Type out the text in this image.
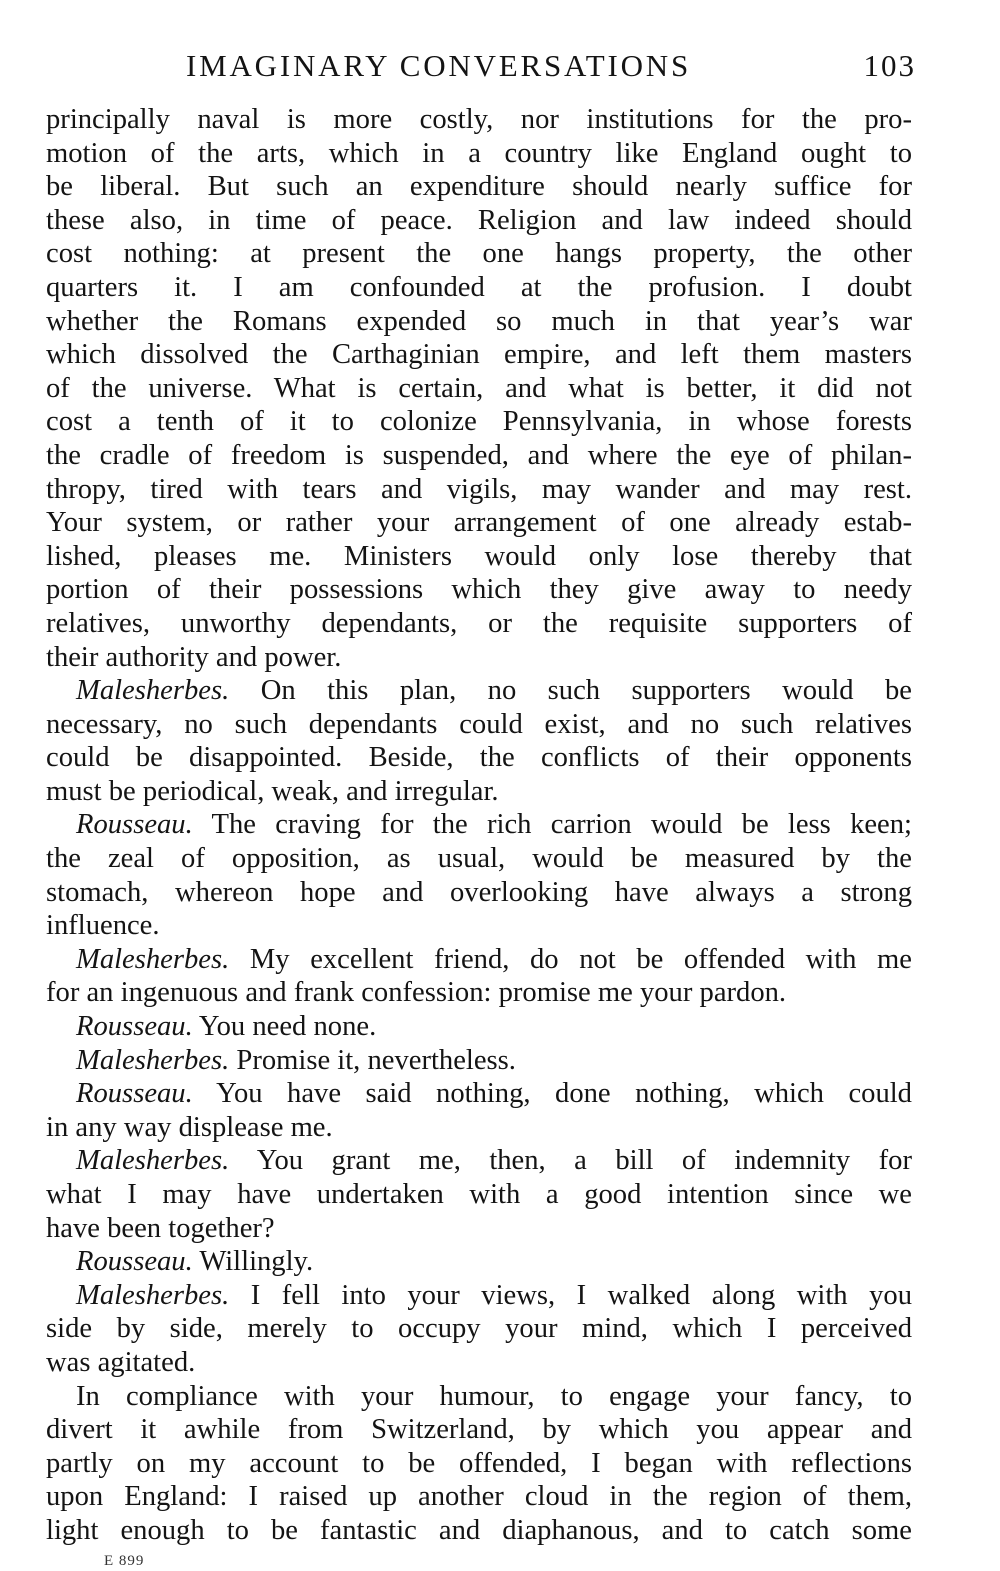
IMAGINARY CONVERSATIONS	103
principally naval is more costly, nor institutions for the pro-
motion of the arts, which in a country like England ought to
be liberal. But such an expenditure should nearly suffice for
these also, in time of peace. Religion and law indeed should
cost nothing: at present the one hangs property, the other
quarters it. I am confounded at the profusion. I doubt
whether the Romans expended so much in that year’s war
which dissolved the Carthaginian empire, and left them masters
of the universe. What is certain, and what is better, it did not
cost a tenth of it to colonize Pennsylvania, in whose forests
the cradle of freedom is suspended, and where the eye of philan-
thropy, tired with tears and vigils, may wander and may rest.
Your system, or rather your arrangement of one already estab-
lished, pleases me. Ministers would only lose thereby that
portion of their possessions which they give away to needy
relatives, unworthy dependants, or the requisite supporters of
their authority and power.
Malesherbes. On this plan, no such supporters would be
necessary, no such dependants could exist, and no such relatives
could be disappointed. Beside, the conflicts of their opponents
must be periodical, weak, and irregular.
Rousseau. The craving for the rich carrion would be less keen;
the zeal of opposition, as usual, would be measured by the
stomach, whereon hope and overlooking have always a strong
influence.
Malesherbes. My excellent friend, do not be offended with me
for an ingenuous and frank confession: promise me your pardon.
Rousseau. You need none.
Malesherbes. Promise it, nevertheless.
Rousseau. You have said nothing, done nothing, which could
in any way displease me.
Malesherbes. You grant me, then, a bill of indemnity for
what I may have undertaken with a good intention since we
have been together?
Rousseau. Willingly.
Malesherbes. I fell into your views, I walked along with you
side by side, merely to occupy your mind, which I perceived
was agitated.
In compliance with your humour, to engage your fancy, to
divert it awhile from Switzerland, by which you appear and
partly on my account to be offended, I began with reflections
upon England: I raised up another cloud in the region of them,
light enough to be fantastic and diaphanous, and to catch some
E 899
